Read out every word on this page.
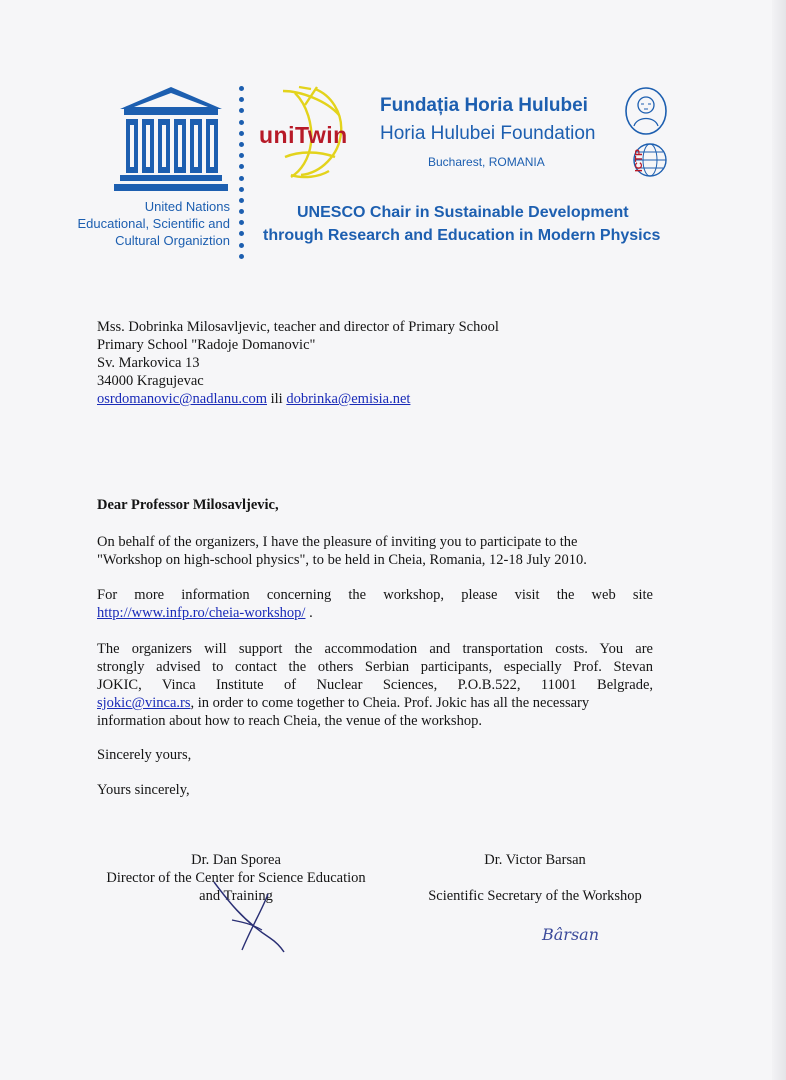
United Nations
Educational, Scientific and
Cultural Organiztion
uniTwin
Fundația Horia Hulubei
Horia Hulubei Foundation
Bucharest, ROMANIA	ICTP
UNESCO Chair in Sustainable Development
through Research and Education in Modern Physics
Mss. Dobrinka Milosavljevic, teacher and director of Primary School
Primary School "Radoje Domanovic"
Sv. Markovica 13
34000 Kragujevac
osrdomanovic@nadlanu.com ili dobrinka@emisia.net
Dear Professor Milosavljevic,
On behalf of the organizers, I have the pleasure of inviting you to participate to the
"Workshop on high-school physics", to be held in Cheia, Romania, 12-18 July 2010.
For more information concerning the workshop, please visit the web site
http://www.infp.ro/cheia-workshop/ .
The organizers will support the accommodation and transportation costs. You are
strongly advised to contact the others Serbian participants, especially Prof. Stevan
JOKIC, Vinca Institute of Nuclear Sciences, P.O.B.522, 11001 Belgrade,
sjokic@vinca.rs, in order to come together to Cheia. Prof. Jokic has all the necessary
information about how to reach Cheia, the venue of the workshop.
Sincerely yours,
Yours sincerely,
Dr. Dan Sporea
Director of the Center for Science Education
and Training
Dr. Victor Barsan
Scientific Secretary of the Workshop
Bârsan
